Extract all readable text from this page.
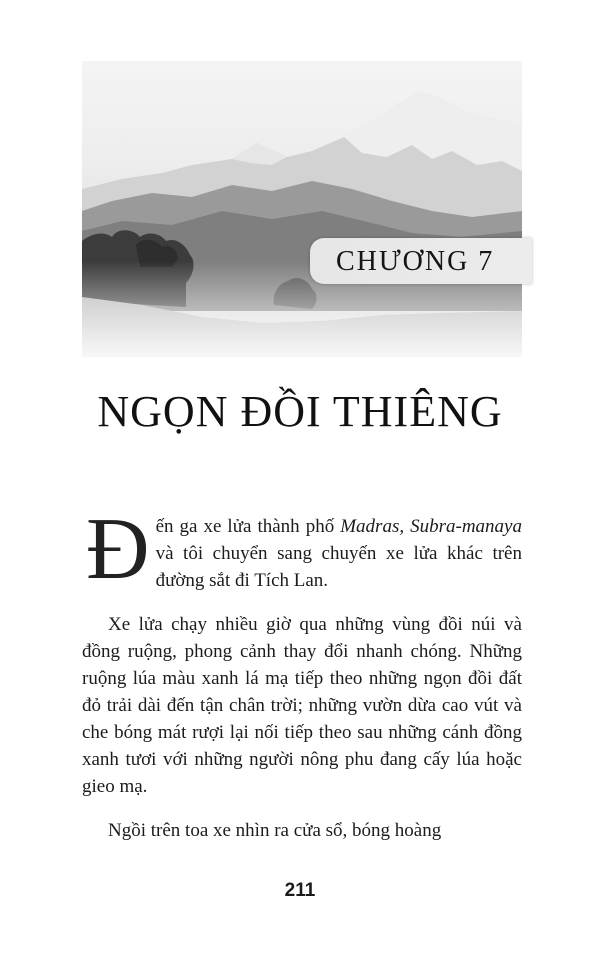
CHƯƠNG 7
NGỌN ĐỒI THIÊNG

Đến ga xe lửa thành phố Madras, Subra-manaya và tôi chuyển sang chuyến xe lửa khác trên đường sắt đi Tích Lan.

Xe lửa chạy nhiều giờ qua những vùng đồi núi và đồng ruộng, phong cảnh thay đổi nhanh chóng. Những ruộng lúa màu xanh lá mạ tiếp theo những ngọn đồi đất đỏ trải dài đến tận chân trời; những vườn dừa cao vút và che bóng mát rượi lại nối tiếp theo sau những cánh đồng xanh tươi với những người nông phu đang cấy lúa hoặc gieo mạ.

Ngồi trên toa xe nhìn ra cửa sổ, bóng hoàng

211
